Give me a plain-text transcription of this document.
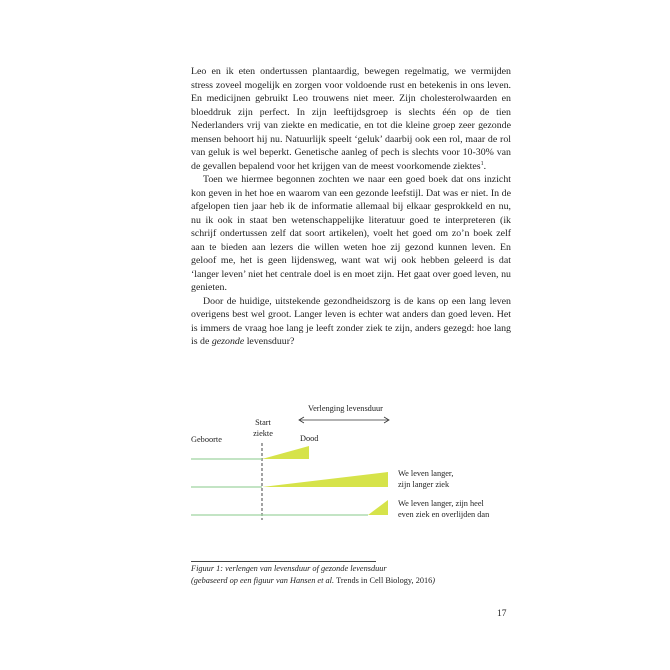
Leo en ik eten ondertussen plantaardig, bewegen regelmatig, we vermijden stress zoveel mogelijk en zorgen voor voldoende rust en betekenis in ons leven. En medicijnen gebruikt Leo trouwens niet meer. Zijn cholesterolwaarden en bloeddruk zijn perfect. In zijn leeftijdsgroep is slechts één op de tien Nederlanders vrij van ziekte en medicatie, en tot die kleine groep zeer gezonde mensen behoort hij nu. Natuurlijk speelt ‘geluk’ daarbij ook een rol, maar de rol van geluk is wel beperkt. Genetische aanleg of pech is slechts voor 10-30% van de gevallen bepalend voor het krijgen van de meest voorkomende ziektes$^1$.

Toen we hiermee begonnen zochten we naar een goed boek dat ons inzicht kon geven in het hoe en waarom van een gezonde leefstijl. Dat was er niet. In de afgelopen tien jaar heb ik de informatie allemaal bij elkaar gesprokkeld en nu, nu ik ook in staat ben wetenschappelijke literatuur goed te interpreteren (ik schrijf ondertussen zelf dat soort artikelen), voelt het goed om zo’n boek zelf aan te bieden aan lezers die willen weten hoe zij gezond kunnen leven. En geloof me, het is geen lijdensweg, want wat wij ook hebben geleerd is dat ‘langer leven’ niet het centrale doel is en moet zijn. Het gaat over goed leven, nu genieten.

Door de huidige, uitstekende gezondheidszorg is de kans op een lang leven overigens best wel groot. Langer leven is echter wat anders dan goed leven. Het is immers de vraag hoe lang je leeft zonder ziek te zijn, anders gezegd: hoe lang is de gezonde levensduur?

Verlenging levensduur
Start
ziekte
Geboorte	Dood
We leven langer,
zijn langer ziek
We leven langer, zijn heel
even ziek en overlijden dan
Figuur 1: verlengen van levensduur of gezonde levensduur
(gebaseerd op een figuur van Hansen et al. Trends in Cell Biology, 2016)
17
